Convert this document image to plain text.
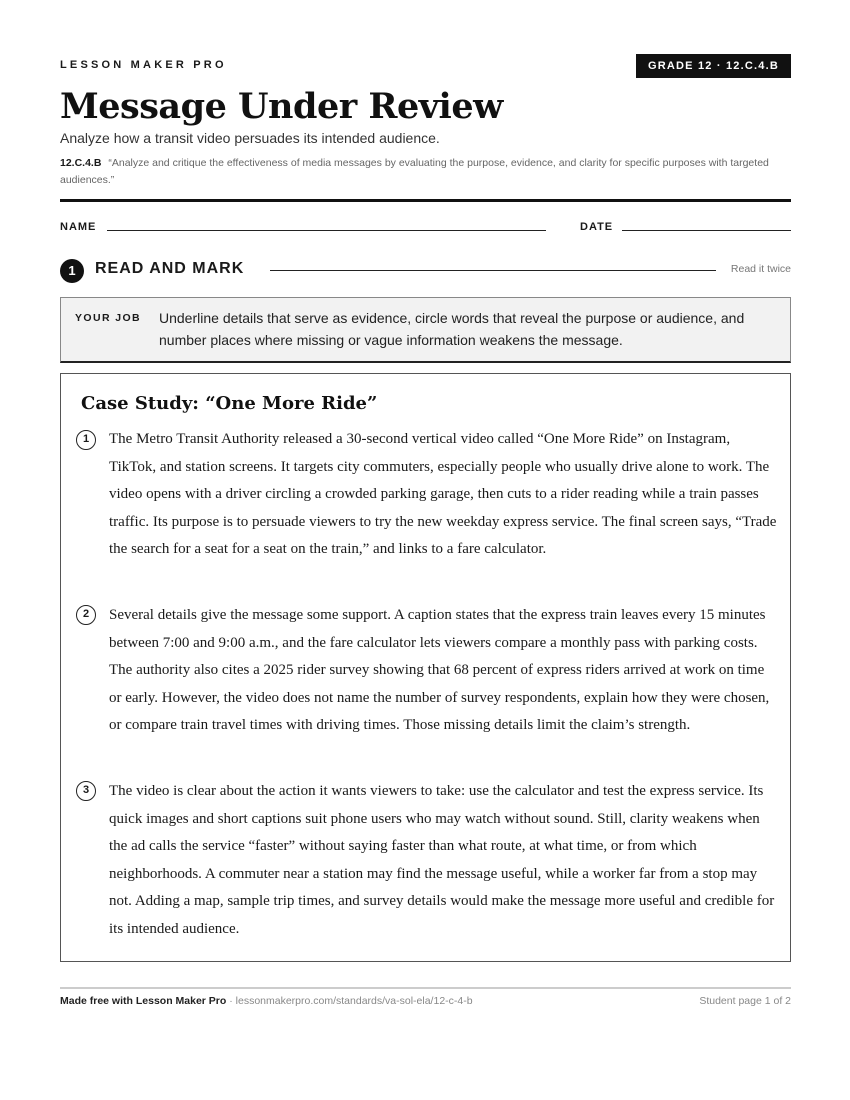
LESSON MAKER PRO	GRADE 12 · 12.C.4.B
Message Under Review
Analyze how a transit video persuades its intended audience.
12.C.4.B “Analyze and critique the effectiveness of media messages by evaluating the purpose, evidence, and clarity for specific purposes with targeted audiences.”
NAME	DATE
1	READ AND MARK	Read it twice
YOUR JOB Underline details that serve as evidence, circle words that reveal the purpose or audience, and number places where missing or vague information weakens the message.
Case Study: “One More Ride”
1	The Metro Transit Authority released a 30-second vertical video called “One More Ride” on Instagram, TikTok, and station screens. It targets city commuters, especially people who usually drive alone to work. The video opens with a driver circling a crowded parking garage, then cuts to a rider reading while a train passes traffic. Its purpose is to persuade viewers to try the new weekday express service. The final screen says, “Trade the search for a seat for a seat on the train,” and links to a fare calculator.

2	Several details give the message some support. A caption states that the express train leaves every 15 minutes between 7:00 and 9:00 a.m., and the fare calculator lets viewers compare a monthly pass with parking costs. The authority also cites a 2025 rider survey showing that 68 percent of express riders arrived at work on time or early. However, the video does not name the number of survey respondents, explain how they were chosen, or compare train travel times with driving times. Those missing details limit the claim’s strength.

3	The video is clear about the action it wants viewers to take: use the calculator and test the express service. Its quick images and short captions suit phone users who may watch without sound. Still, clarity weakens when the ad calls the service “faster” without saying faster than what route, at what time, or from which neighborhoods. A commuter near a station may find the message useful, while a worker far from a stop may not. Adding a map, sample trip times, and survey details would make the message more useful and credible for its intended audience.

Made free with Lesson Maker Pro · lessonmakerpro.com/standards/va-sol-ela/12-c-4-b	Student page 1 of 2
